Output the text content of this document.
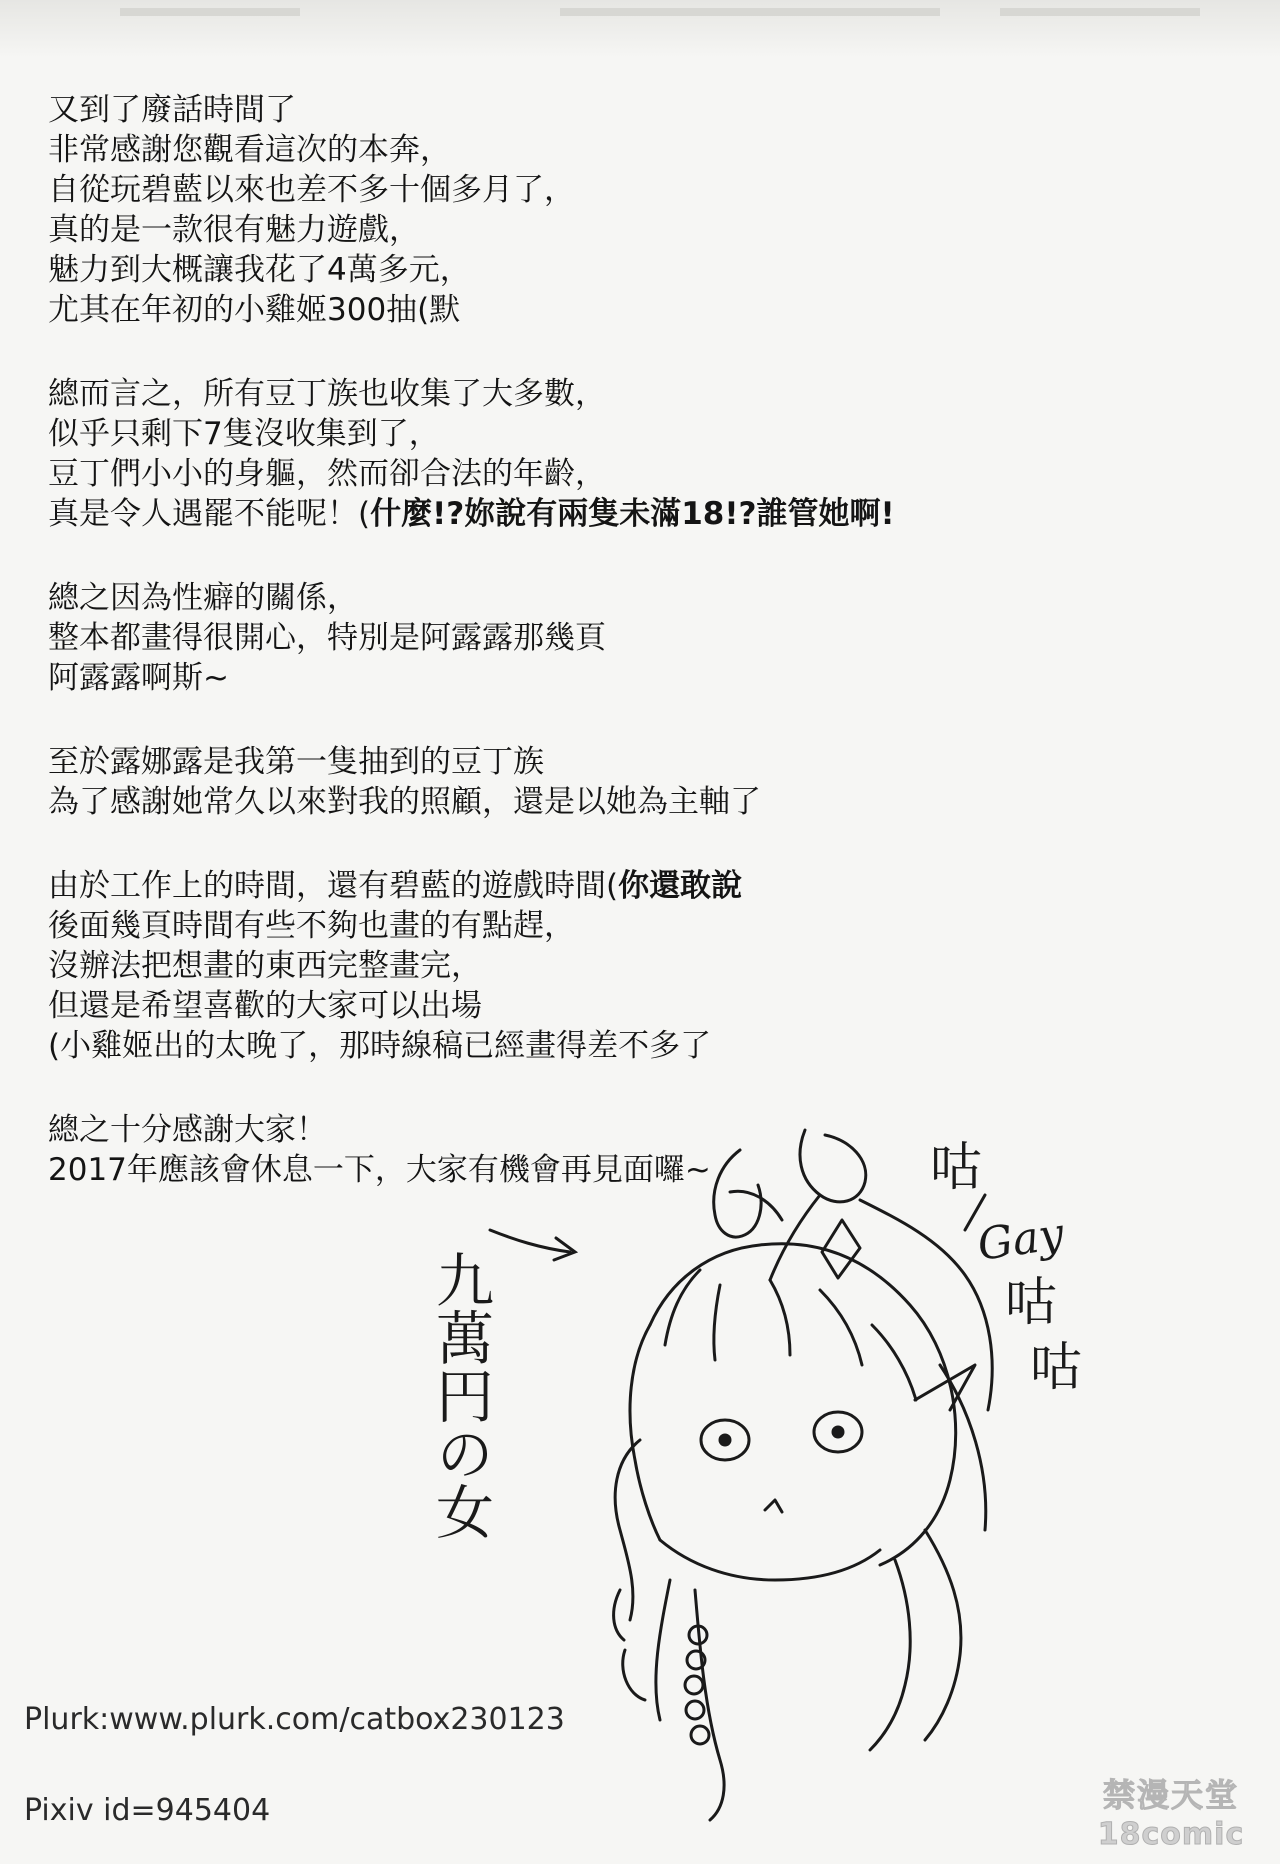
又到了廢話時間了
非常感謝您觀看這次的本奔，
自從玩碧藍以來也差不多十個多月了，
真的是一款很有魅力遊戲，
魅力到大概讓我花了4萬多元，
尤其在年初的小雞姬300抽(默
總而言之，所有豆丁族也收集了大多數，
似乎只剩下7隻沒收集到了，
豆丁們小小的身軀，然而卻合法的年齡，
真是令人遇罷不能呢！(什麼!?妳說有兩隻未滿18!?誰管她啊!
總之因為性癖的關係，
整本都畫得很開心，特別是阿露露那幾頁
阿露露啊斯~
至於露娜露是我第一隻抽到的豆丁族
為了感謝她常久以來對我的照顧，還是以她為主軸了
由於工作上的時間，還有碧藍的遊戲時間(你還敢說
後面幾頁時間有些不夠也畫的有點趕，
沒辦法把想畫的東西完整畫完，
但還是希望喜歡的大家可以出場
(小雞姬出的太晚了，那時線稿已經畫得差不多了
總之十分感謝大家！
2017年應該會休息一下，大家有機會再見面囉~
Plurk:www.plurk.com/catbox230123
Pixiv id=945404
咕
Gay
咕
咕
九萬円の女
禁漫天堂
18comic
